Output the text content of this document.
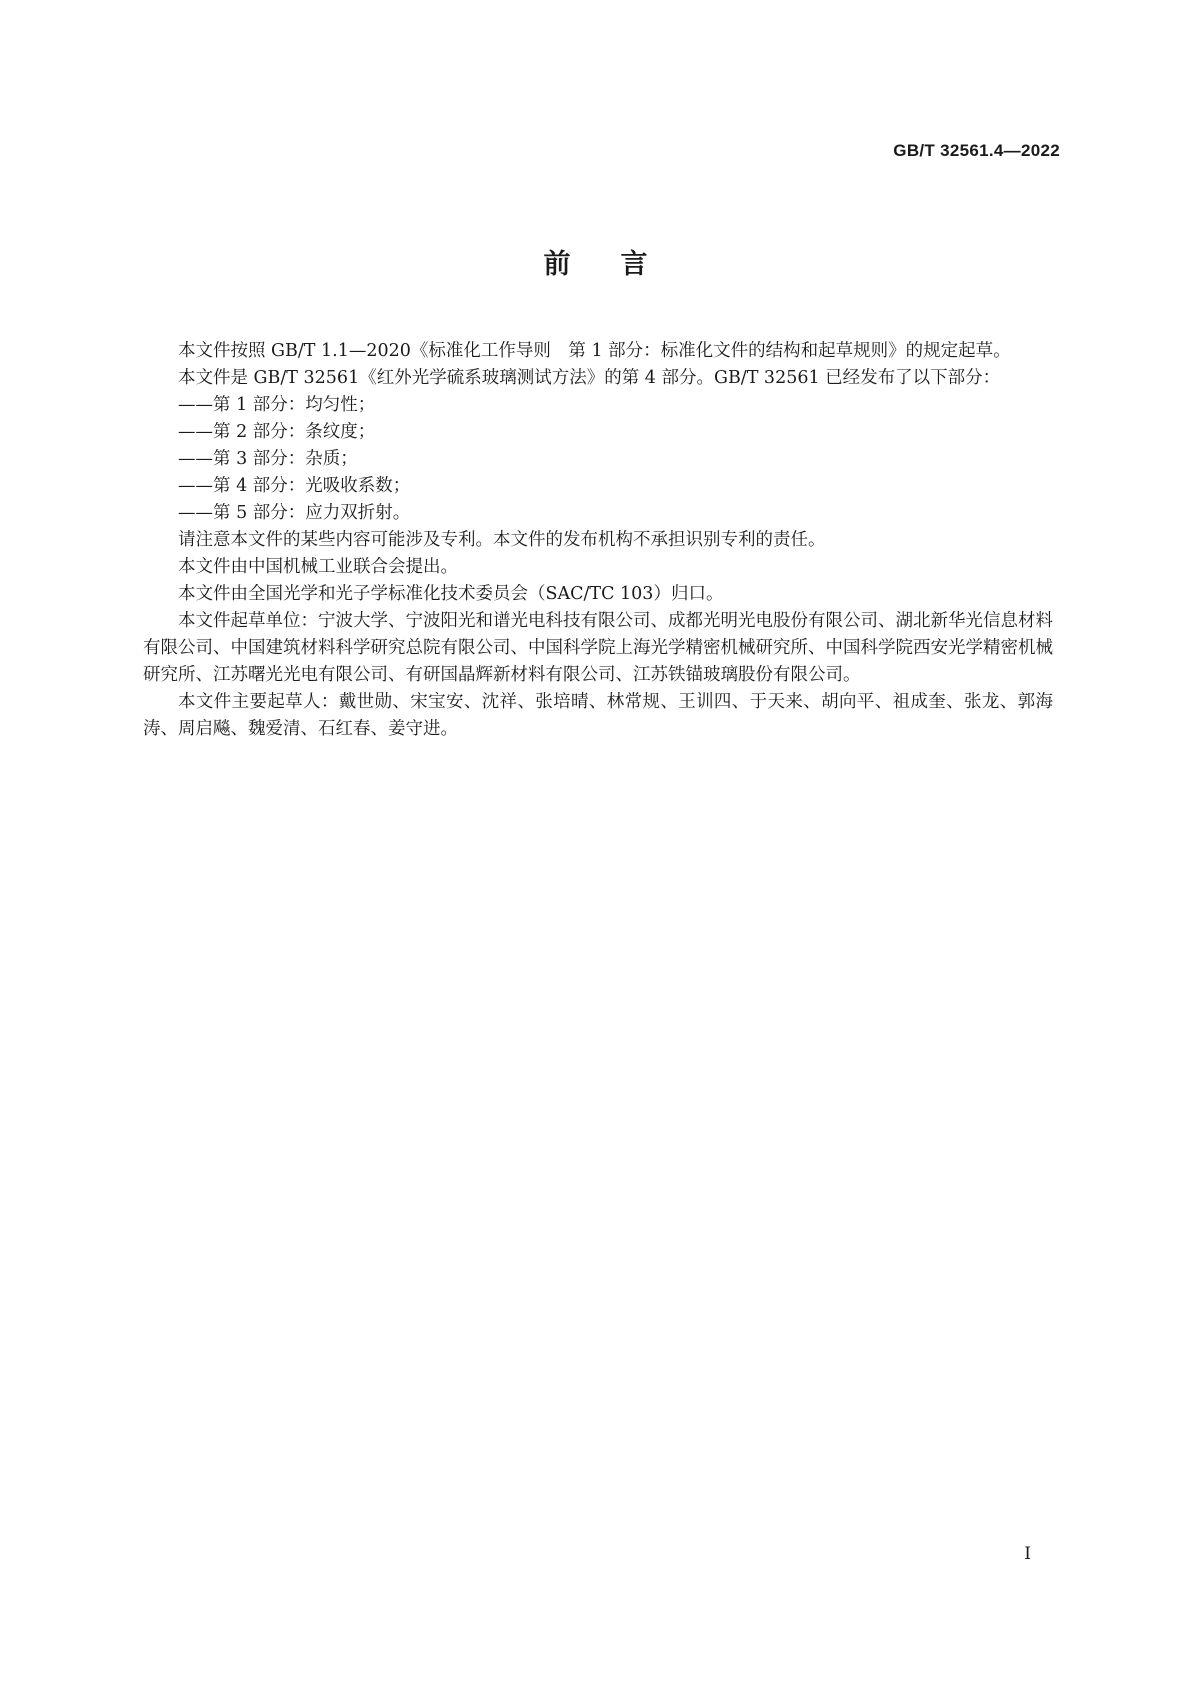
GB/T 32561.4—2022
前言

本文件按照 GB/T 1.1—2020《标准化工作导则　第 1 部分：标准化文件的结构和起草规则》的规定起草。

本文件是 GB/T 32561《红外光学硫系玻璃测试方法》的第 4 部分。GB/T 32561 已经发布了以下部分：

——第 1 部分：均匀性；

——第 2 部分：条纹度；

——第 3 部分：杂质；

——第 4 部分：光吸收系数；

——第 5 部分：应力双折射。

请注意本文件的某些内容可能涉及专利。本文件的发布机构不承担识别专利的责任。

本文件由中国机械工业联合会提出。

本文件由全国光学和光子学标准化技术委员会（SAC/TC 103）归口。

本文件起草单位：宁波大学、宁波阳光和谱光电科技有限公司、成都光明光电股份有限公司、湖北新华光信息材料有限公司、中国建筑材料科学研究总院有限公司、中国科学院上海光学精密机械研究所、中国科学院西安光学精密机械研究所、江苏曙光光电有限公司、有研国晶辉新材料有限公司、江苏铁锚玻璃股份有限公司。

本文件主要起草人：戴世勋、宋宝安、沈祥、张培晴、林常规、王训四、于天来、胡向平、祖成奎、张龙、郭海涛、周启飚、魏爱清、石红春、姜守进。

I
